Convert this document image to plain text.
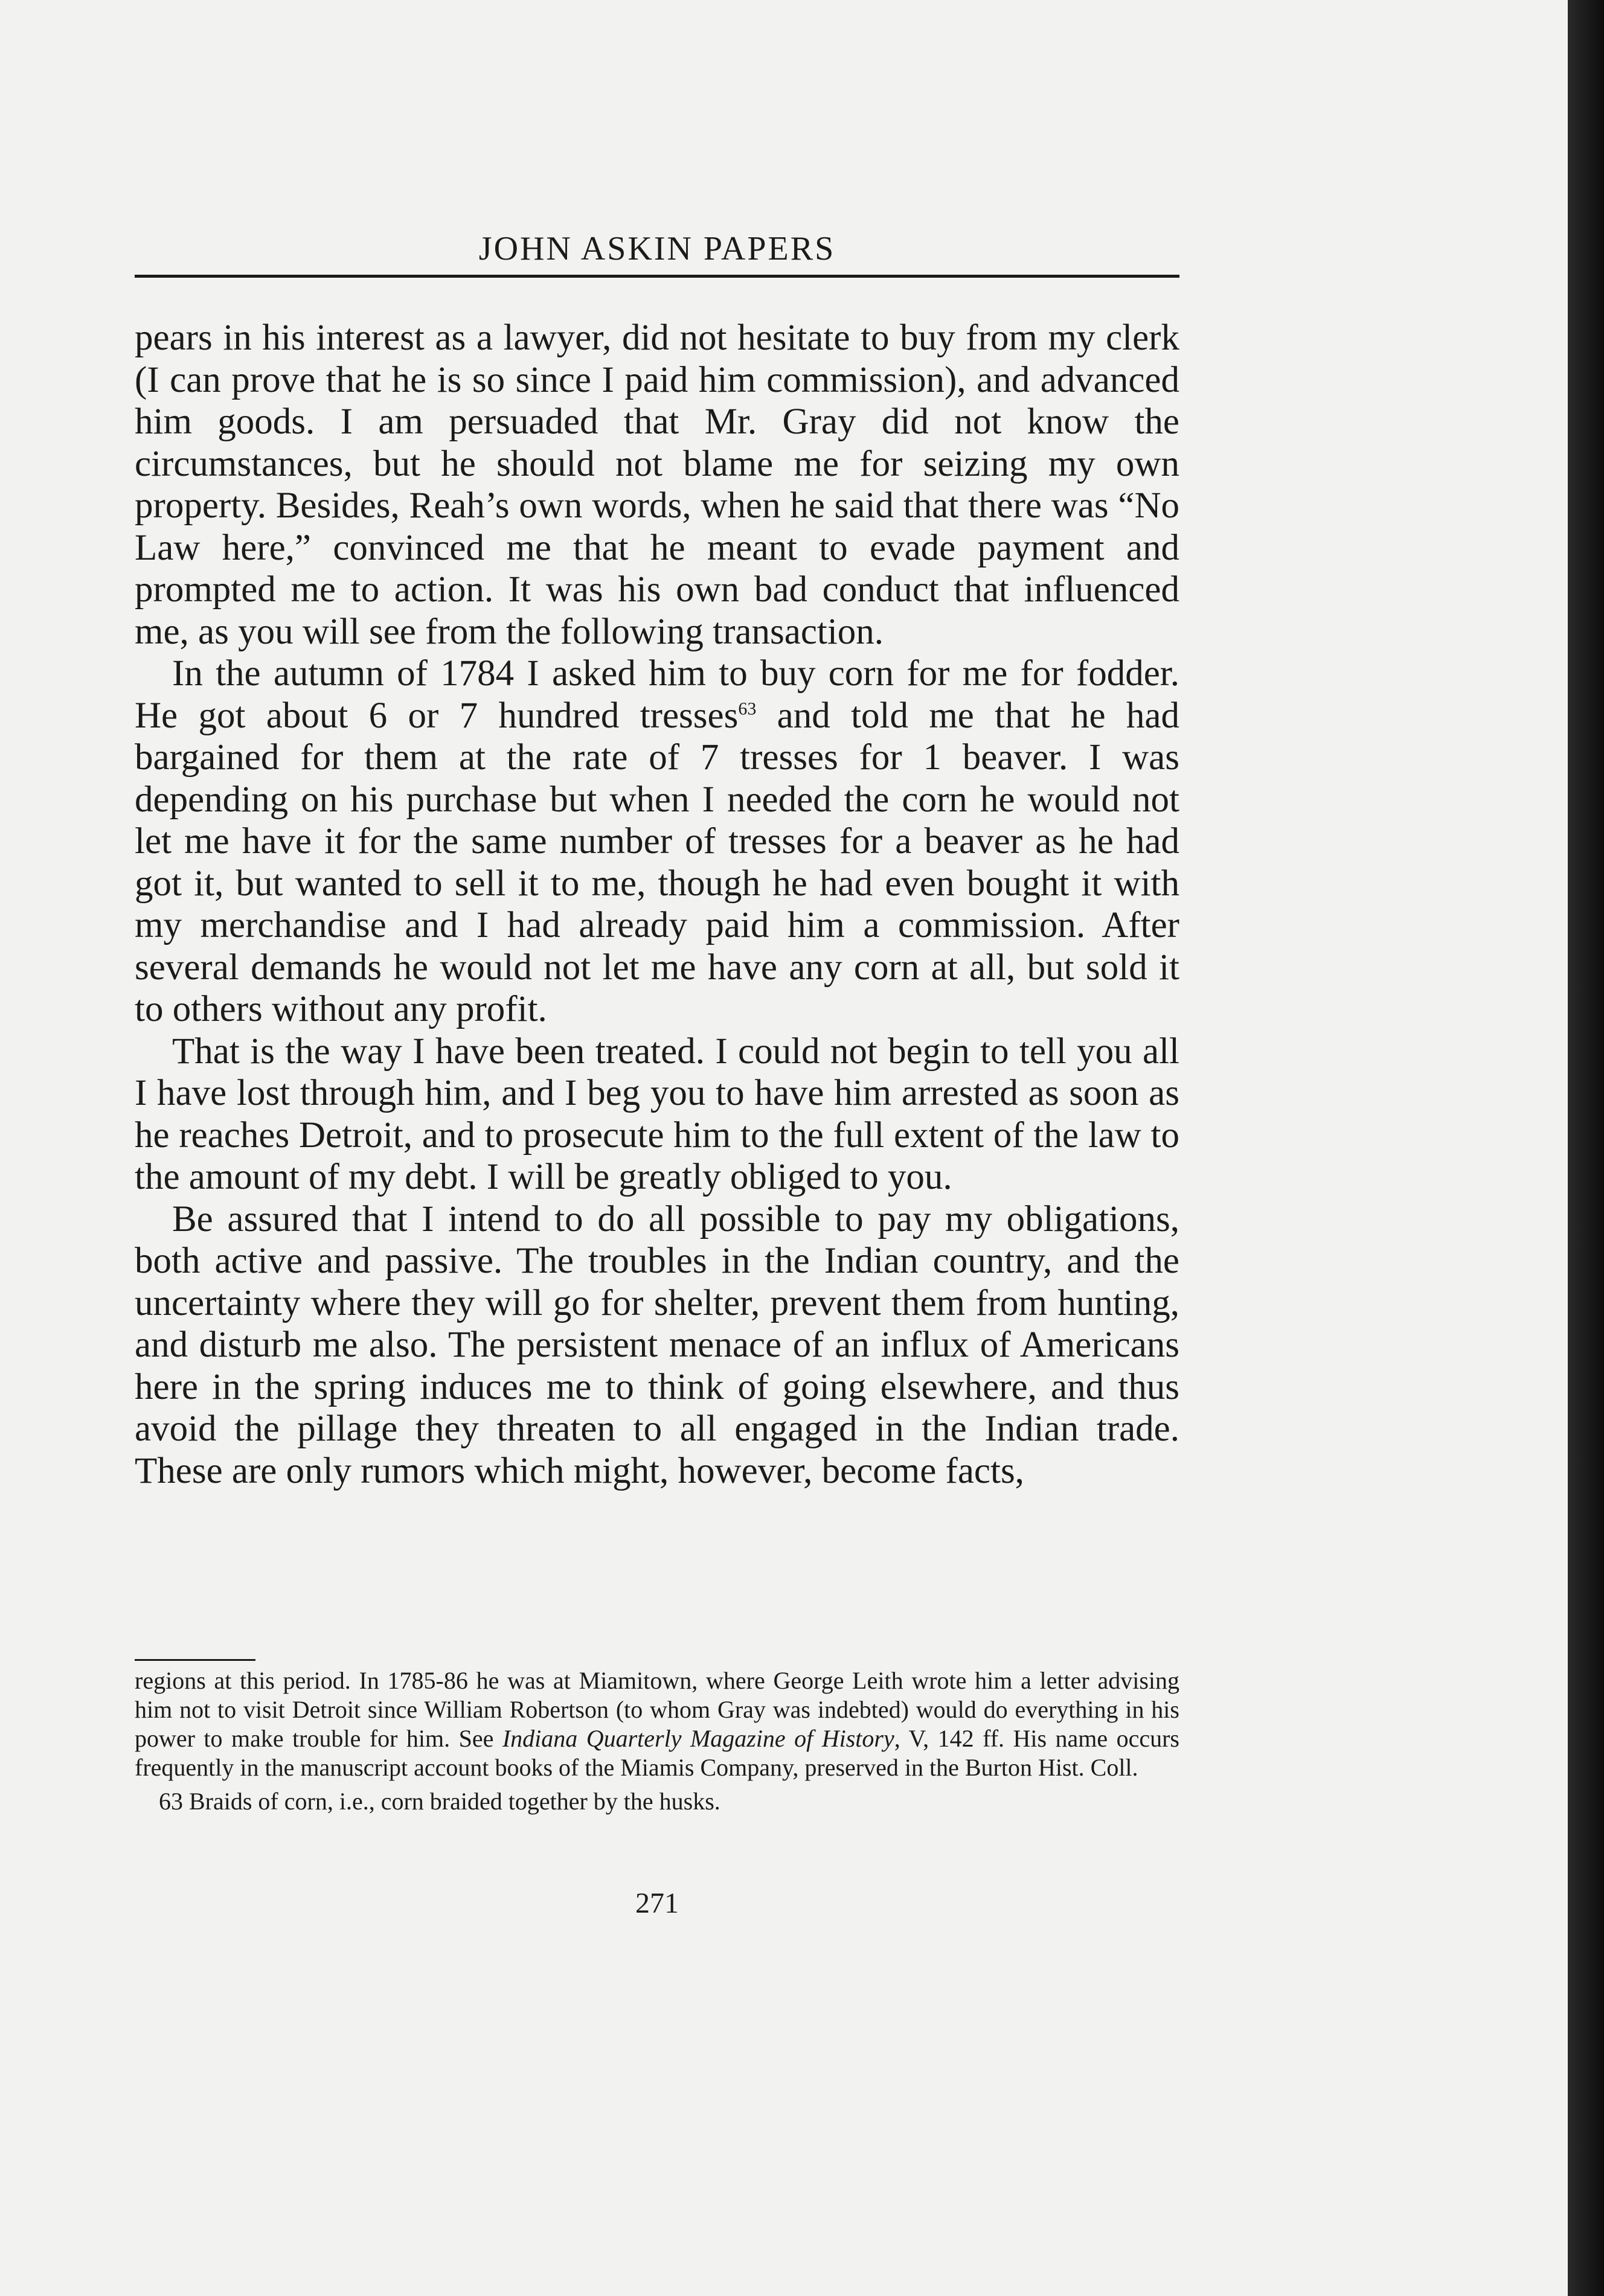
JOHN ASKIN PAPERS

pears in his interest as a lawyer, did not hesitate to buy from my clerk (I can prove that he is so since I paid him commission), and advanced him goods. I am persuaded that Mr. Gray did not know the circumstances, but he should not blame me for seizing my own property. Besides, Reah’s own words, when he said that there was “No Law here,” convinced me that he meant to evade payment and prompted me to action. It was his own bad conduct that influenced me, as you will see from the following transaction.

In the autumn of 1784 I asked him to buy corn for me for fodder. He got about 6 or 7 hundred tresses$^{63}$ and told me that he had bargained for them at the rate of 7 tresses for 1 beaver. I was depending on his purchase but when I needed the corn he would not let me have it for the same number of tresses for a beaver as he had got it, but wanted to sell it to me, though he had even bought it with my merchandise and I had already paid him a commission. After several demands he would not let me have any corn at all, but sold it to others without any profit.

That is the way I have been treated. I could not begin to tell you all I have lost through him, and I beg you to have him arrested as soon as he reaches Detroit, and to prosecute him to the full extent of the law to the amount of my debt. I will be greatly obliged to you.

Be assured that I intend to do all possible to pay my obligations, both active and passive. The troubles in the Indian country, and the uncertainty where they will go for shelter, prevent them from hunting, and disturb me also. The persistent menace of an influx of Americans here in the spring induces me to think of going elsewhere, and thus avoid the pillage they threaten to all engaged in the Indian trade. These are only rumors which might, however, become facts,

regions at this period. In 1785-86 he was at Miamitown, where George Leith wrote him a letter advising him not to visit Detroit since William Robertson (to whom Gray was indebted) would do everything in his power to make trouble for him. See Indiana Quarterly Magazine of History, V, 142 ff. His name occurs frequently in the manuscript account books of the Miamis Company, preserved in the Burton Hist. Coll.

63 Braids of corn, i.e., corn braided together by the husks.

271
